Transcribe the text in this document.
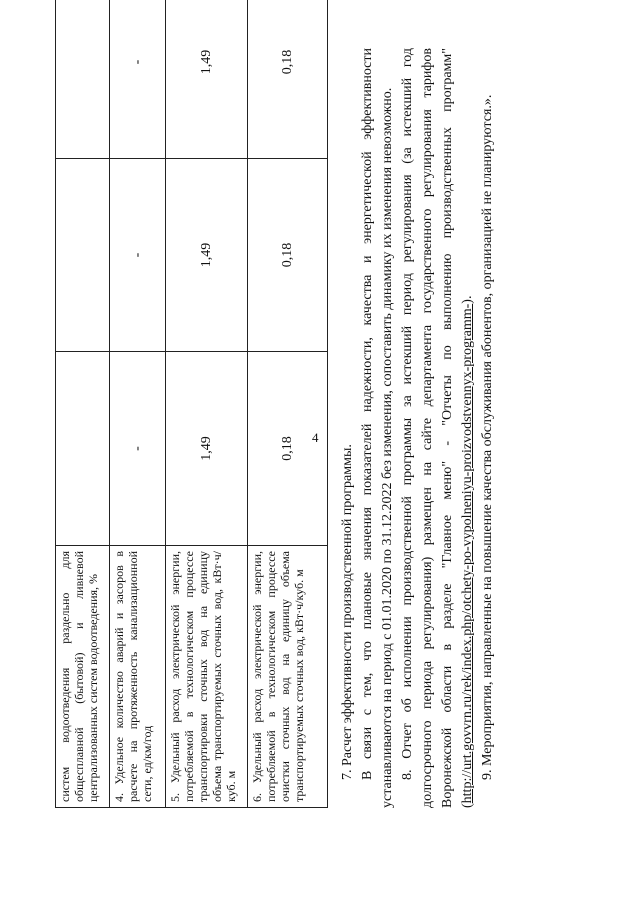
4
систем водоотведения раздельно для общесплавной (бытовой) и ливневой централизованных систем водоотведения, %			
4. Удельное количество аварий и засоров в расчете на протяженность канализационной сети, ед/км/год	-	-	-
5. Удельный расход электрической энергии, потребляемой в технологическом процессе транспортировки сточных вод на единицу объема транспортируемых сточных вод, кВт·ч/куб. м	1,49	1,49	1,49
6. Удельный расход электрической энергии, потребляемой в технологическом процессе очистки сточных вод на единицу объема транспортируемых сточных вод, кВт·ч/куб. м	0,18	0,18	0,18

7. Расчет эффективности производственной программы. В связи с тем, что плановые значения показателей надежности, качества и энергетической эффективности устанавливаются на период с 01.01.2020 по 31.12.2022 без изменения, сопоставить динамику их изменения невозможно. 8. Отчет об исполнении производственной программы за истекший период регулирования (за истекший год долгосрочного периода регулирования) размещен на сайте департамента государственного регулирования тарифов Воронежской области в разделе "Главное меню" - "Отчеты по выполнению производственных программ" (http://urt.govvrn.ru/rek/index.php/otchety-po-vypolneniyu-proizvodstvennyx-programm-). 9. Мероприятия, направленные на повышение качества обслуживания абонентов, организацией не планируются.».
